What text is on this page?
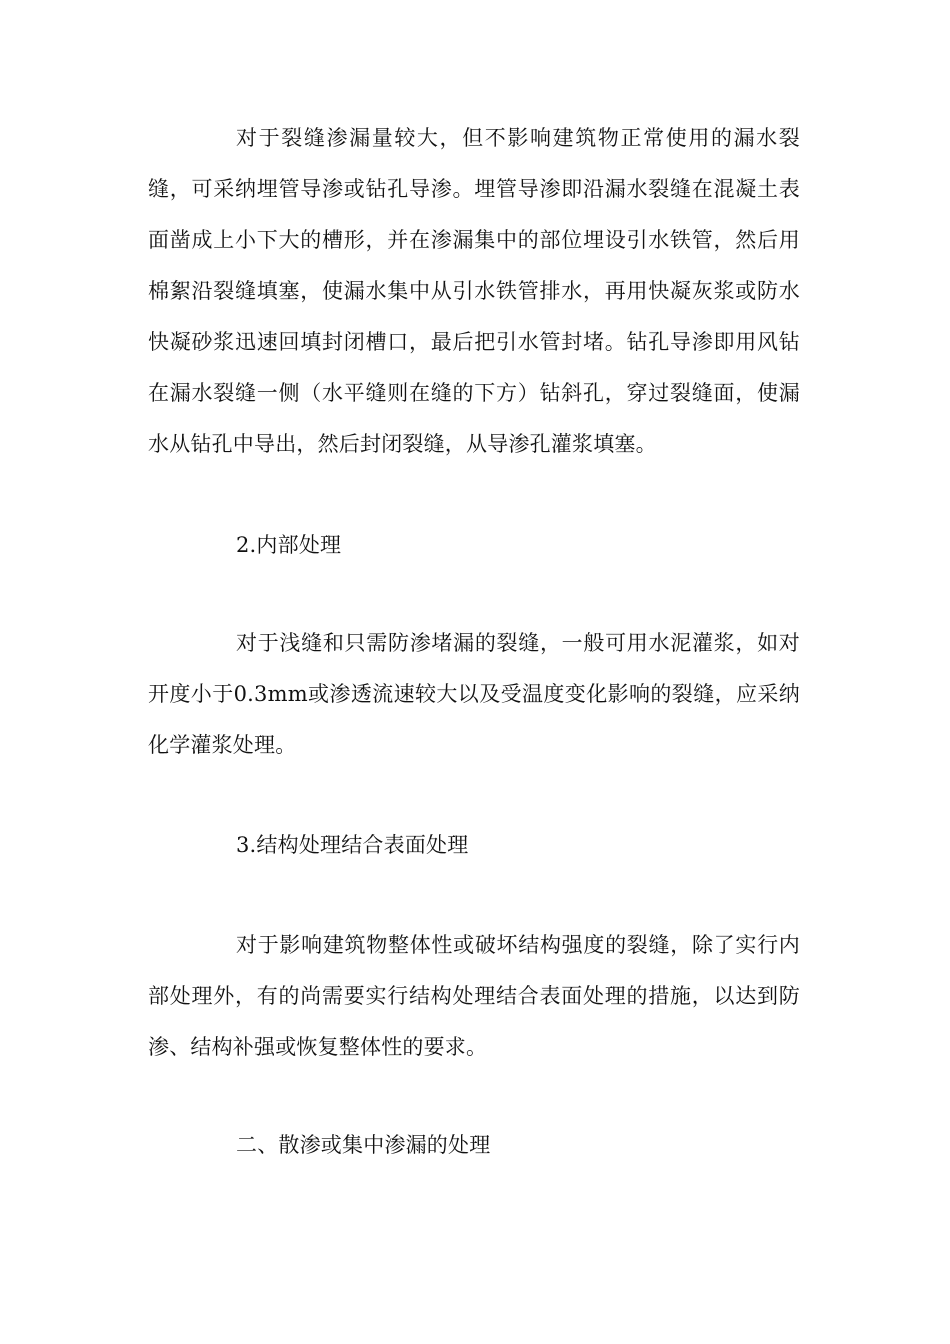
对于裂缝渗漏量较大，但不影响建筑物正常使用的漏水裂缝，可采纳埋管导渗或钻孔导渗。埋管导渗即沿漏水裂缝在混凝土表面凿成上小下大的槽形，并在渗漏集中的部位埋设引水铁管，然后用棉絮沿裂缝填塞，使漏水集中从引水铁管排水，再用快凝灰浆或防水快凝砂浆迅速回填封闭槽口，最后把引水管封堵。钻孔导渗即用风钻在漏水裂缝一侧（水平缝则在缝的下方）钻斜孔，穿过裂缝面，使漏水从钻孔中导出，然后封闭裂缝，从导渗孔灌浆填塞。

2.内部处理

对于浅缝和只需防渗堵漏的裂缝，一般可用水泥灌浆，如对开度小于0.3mm或渗透流速较大以及受温度变化影响的裂缝，应采纳化学灌浆处理。

3.结构处理结合表面处理

对于影响建筑物整体性或破坏结构强度的裂缝，除了实行内部处理外，有的尚需要实行结构处理结合表面处理的措施，以达到防渗、结构补强或恢复整体性的要求。

二、散渗或集中渗漏的处理
